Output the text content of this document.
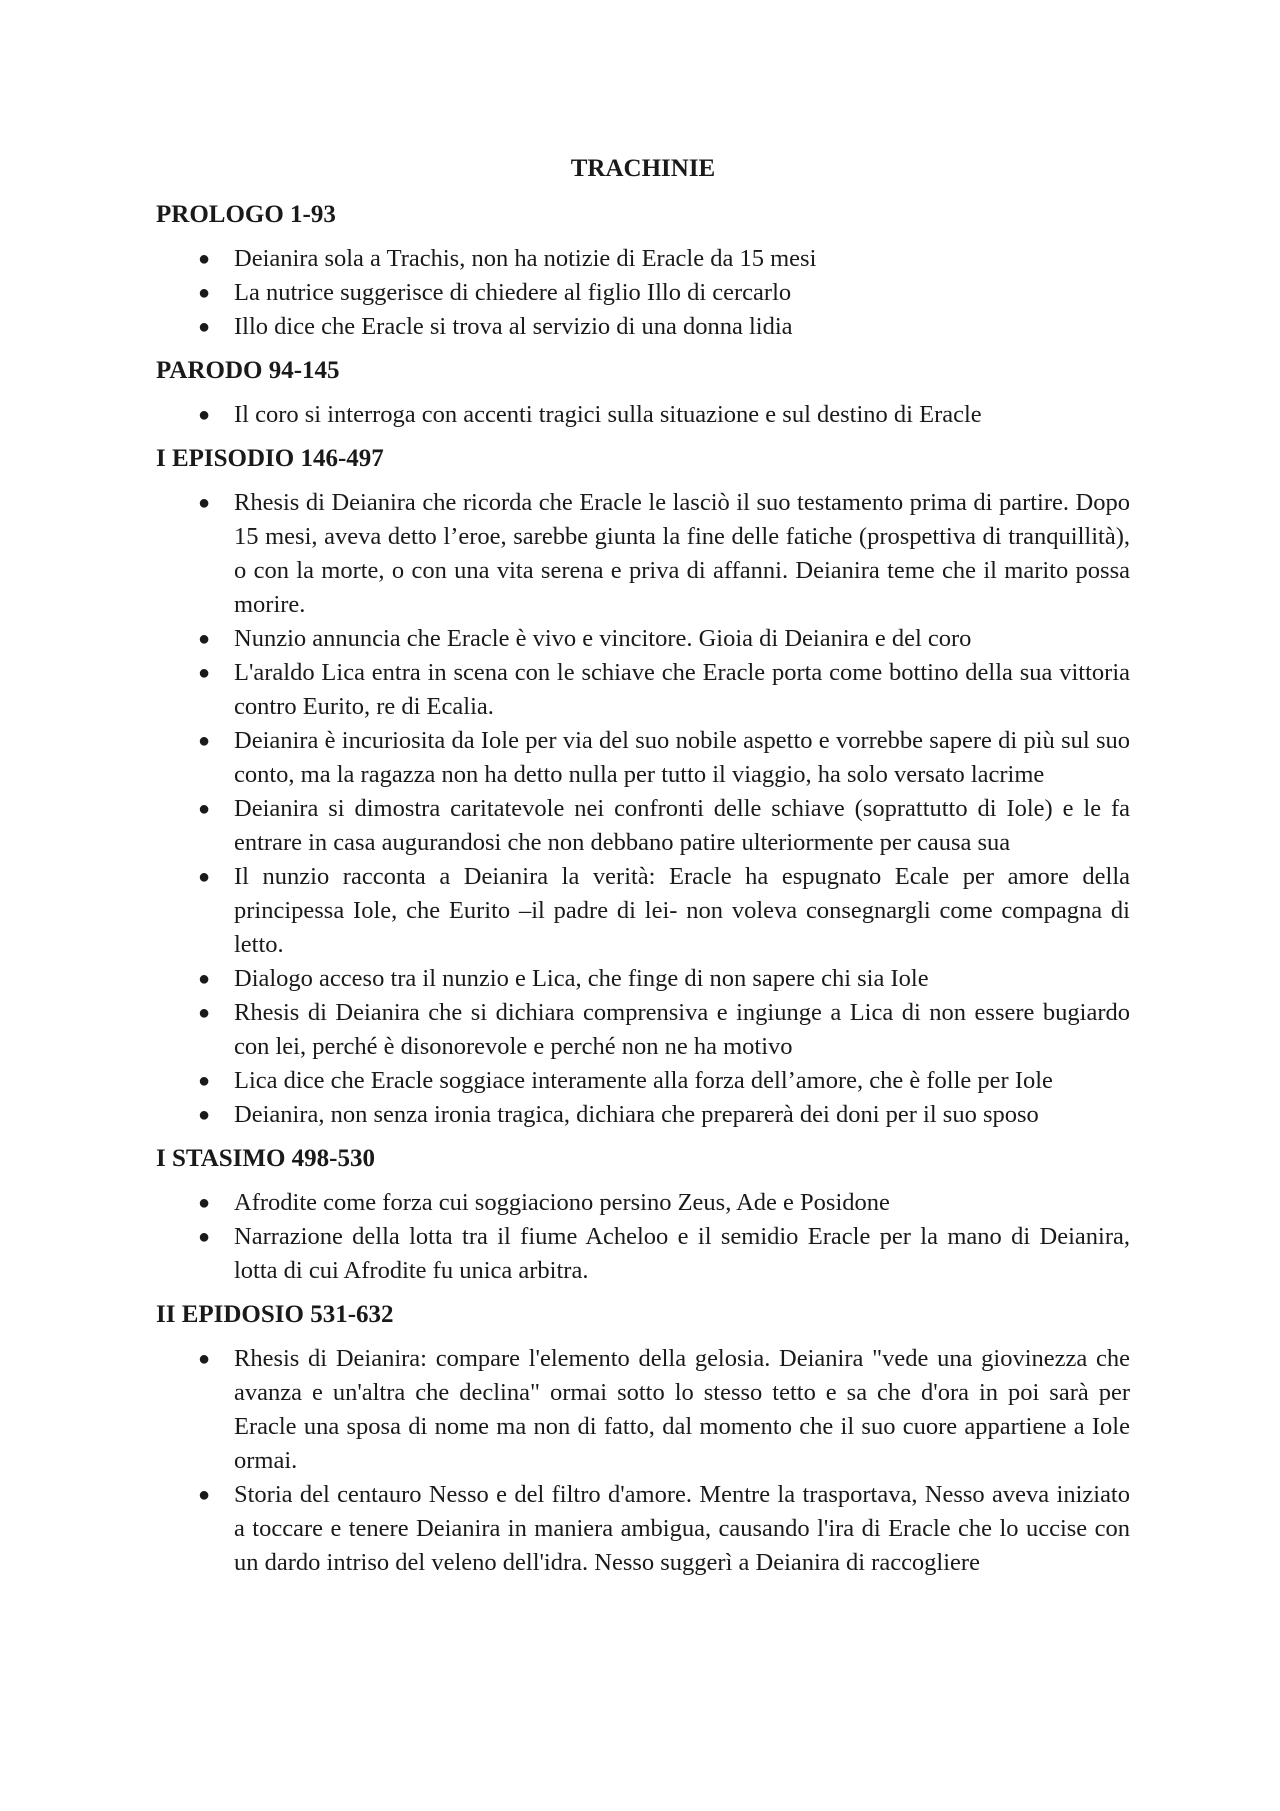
TRACHINIE
PROLOGO 1-93
● Deianira sola a Trachis, non ha notizie di Eracle da 15 mesi
● La nutrice suggerisce di chiedere al figlio Illo di cercarlo
● Illo dice che Eracle si trova al servizio di una donna lidia
PARODO 94-145
● Il coro si interroga con accenti tragici sulla situazione e sul destino di Eracle
I EPISODIO 146-497
● Rhesis di Deianira che ricorda che Eracle le lasciò il suo testamento prima di partire. Dopo 15 mesi, aveva detto l’eroe, sarebbe giunta la fine delle fatiche (prospettiva di tranquillità), o con la morte, o con una vita serena e priva di affanni. Deianira teme che il marito possa morire.
● Nunzio annuncia che Eracle è vivo e vincitore. Gioia di Deianira e del coro
● L'araldo Lica entra in scena con le schiave che Eracle porta come bottino della sua vittoria contro Eurito, re di Ecalia.
● Deianira è incuriosita da Iole per via del suo nobile aspetto e vorrebbe sapere di più sul suo conto, ma la ragazza non ha detto nulla per tutto il viaggio, ha solo versato lacrime
● Deianira si dimostra caritatevole nei confronti delle schiave (soprattutto di Iole) e le fa entrare in casa augurandosi che non debbano patire ulteriormente per causa sua
● Il nunzio racconta a Deianira la verità: Eracle ha espugnato Ecale per amore della principessa Iole, che Eurito –il padre di lei- non voleva consegnargli come compagna di letto.
● Dialogo acceso tra il nunzio e Lica, che finge di non sapere chi sia Iole
● Rhesis di Deianira che si dichiara comprensiva e ingiunge a Lica di non essere bugiardo con lei, perché è disonorevole e perché non ne ha motivo
● Lica dice che Eracle soggiace interamente alla forza dell’amore, che è folle per Iole
● Deianira, non senza ironia tragica, dichiara che preparerà dei doni per il suo sposo
I STASIMO 498-530
● Afrodite come forza cui soggiaciono persino Zeus, Ade e Posidone
● Narrazione della lotta tra il fiume Acheloo e il semidio Eracle per la mano di Deianira, lotta di cui Afrodite fu unica arbitra.
II EPIDOSIO 531-632
● Rhesis di Deianira: compare l'elemento della gelosia. Deianira "vede una giovinezza che avanza e un'altra che declina" ormai sotto lo stesso tetto e sa che d'ora in poi sarà per Eracle una sposa di nome ma non di fatto, dal momento che il suo cuore appartiene a Iole ormai.
● Storia del centauro Nesso e del filtro d'amore. Mentre la trasportava, Nesso aveva iniziato a toccare e tenere Deianira in maniera ambigua, causando l'ira di Eracle che lo uccise con un dardo intriso del veleno dell'idra. Nesso suggerì a Deianira di raccogliere
